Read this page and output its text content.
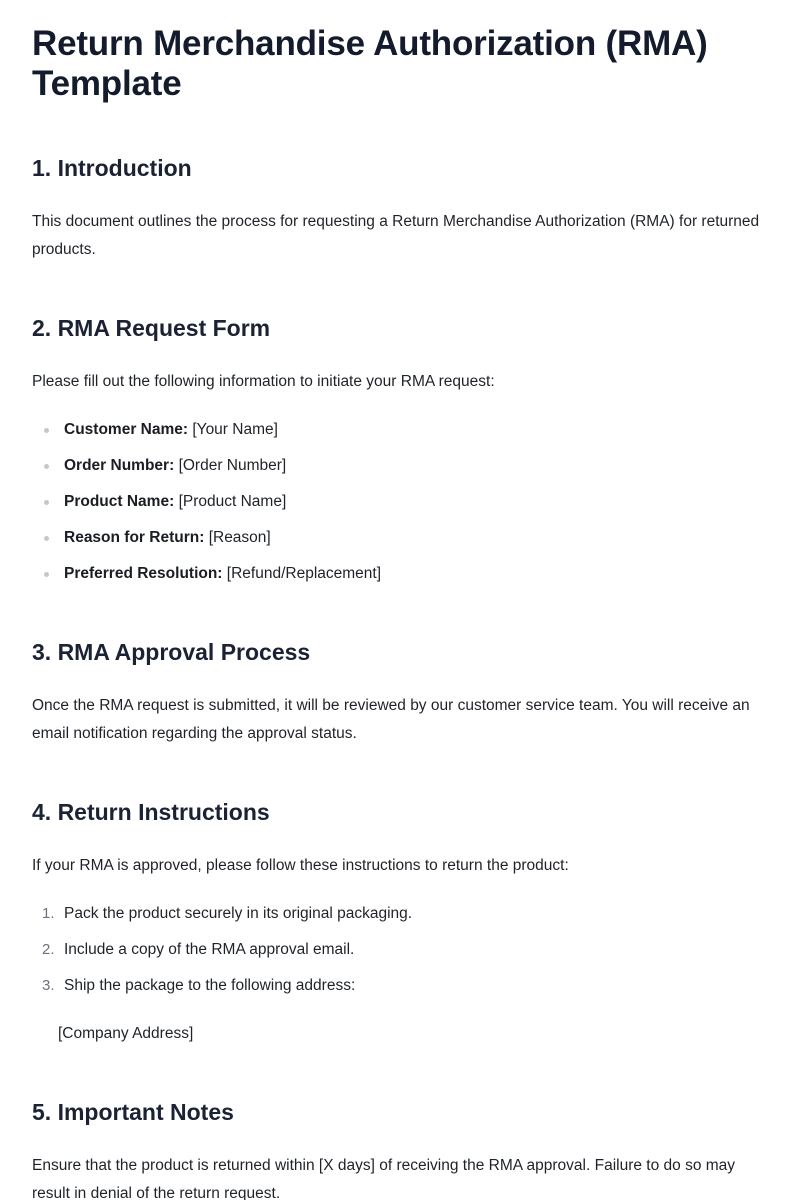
Return Merchandise Authorization (RMA) Template
1. Introduction

This document outlines the process for requesting a Return Merchandise Authorization (RMA) for returned products.

2. RMA Request Form

Please fill out the following information to initiate your RMA request:

Customer Name: [Your Name]
Order Number: [Order Number]
Product Name: [Product Name]
Reason for Return: [Reason]
Preferred Resolution: [Refund/Replacement]
3. RMA Approval Process

Once the RMA request is submitted, it will be reviewed by our customer service team. You will receive an email notification regarding the approval status.

4. Return Instructions

If your RMA is approved, please follow these instructions to return the product:

1. Pack the product securely in its original packaging.
2. Include a copy of the RMA approval email.
3. Ship the package to the following address:
[Company Address]
5. Important Notes

Ensure that the product is returned within [X days] of receiving the RMA approval. Failure to do so may result in denial of the return request.
